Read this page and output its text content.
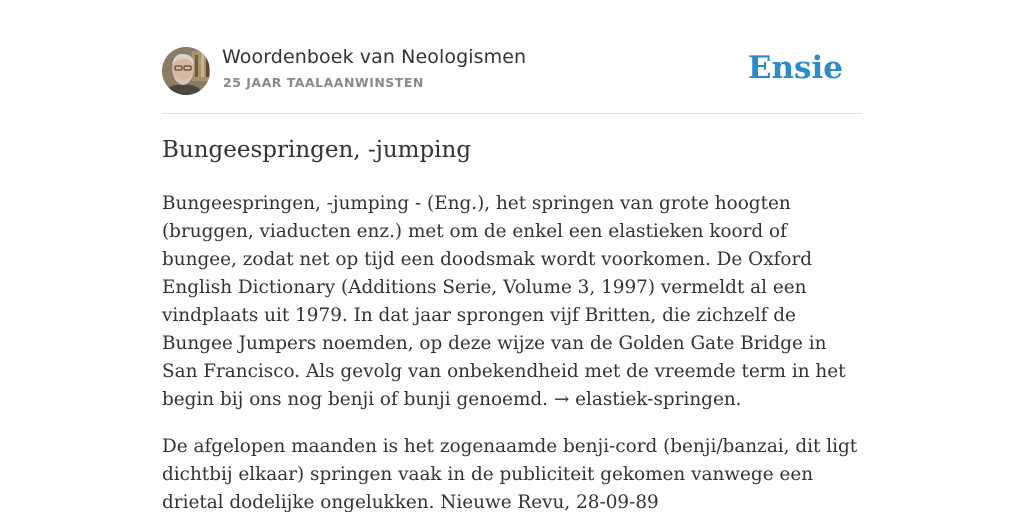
Woordenboek van Neologismen
25 JAAR TAALAANWINSTEN	Ensie
Bungeespringen, -jumping

Bungeespringen, -jumping - (Eng.), het springen van grote hoogten (bruggen, viaducten enz.) met om de enkel een elastieken koord of bungee, zodat net op tijd een doodsmak wordt voorkomen. De Oxford English Dictionary (Additions Serie, Volume 3, 1997) vermeldt al een vindplaats uit 1979. In dat jaar sprongen vijf Britten, die zichzelf de Bungee Jumpers noemden, op deze wijze van de Golden Gate Bridge in San Francisco. Als gevolg van onbekendheid met de vreemde term in het begin bij ons nog benji of bunji genoemd. → elastiek-springen.

De afgelopen maanden is het zogenaamde benji-cord (benji/banzai, dit ligt dichtbij elkaar) springen vaak in de publiciteit gekomen vanwege een drietal dodelijke ongelukken. Nieuwe Revu, 28-09-89
